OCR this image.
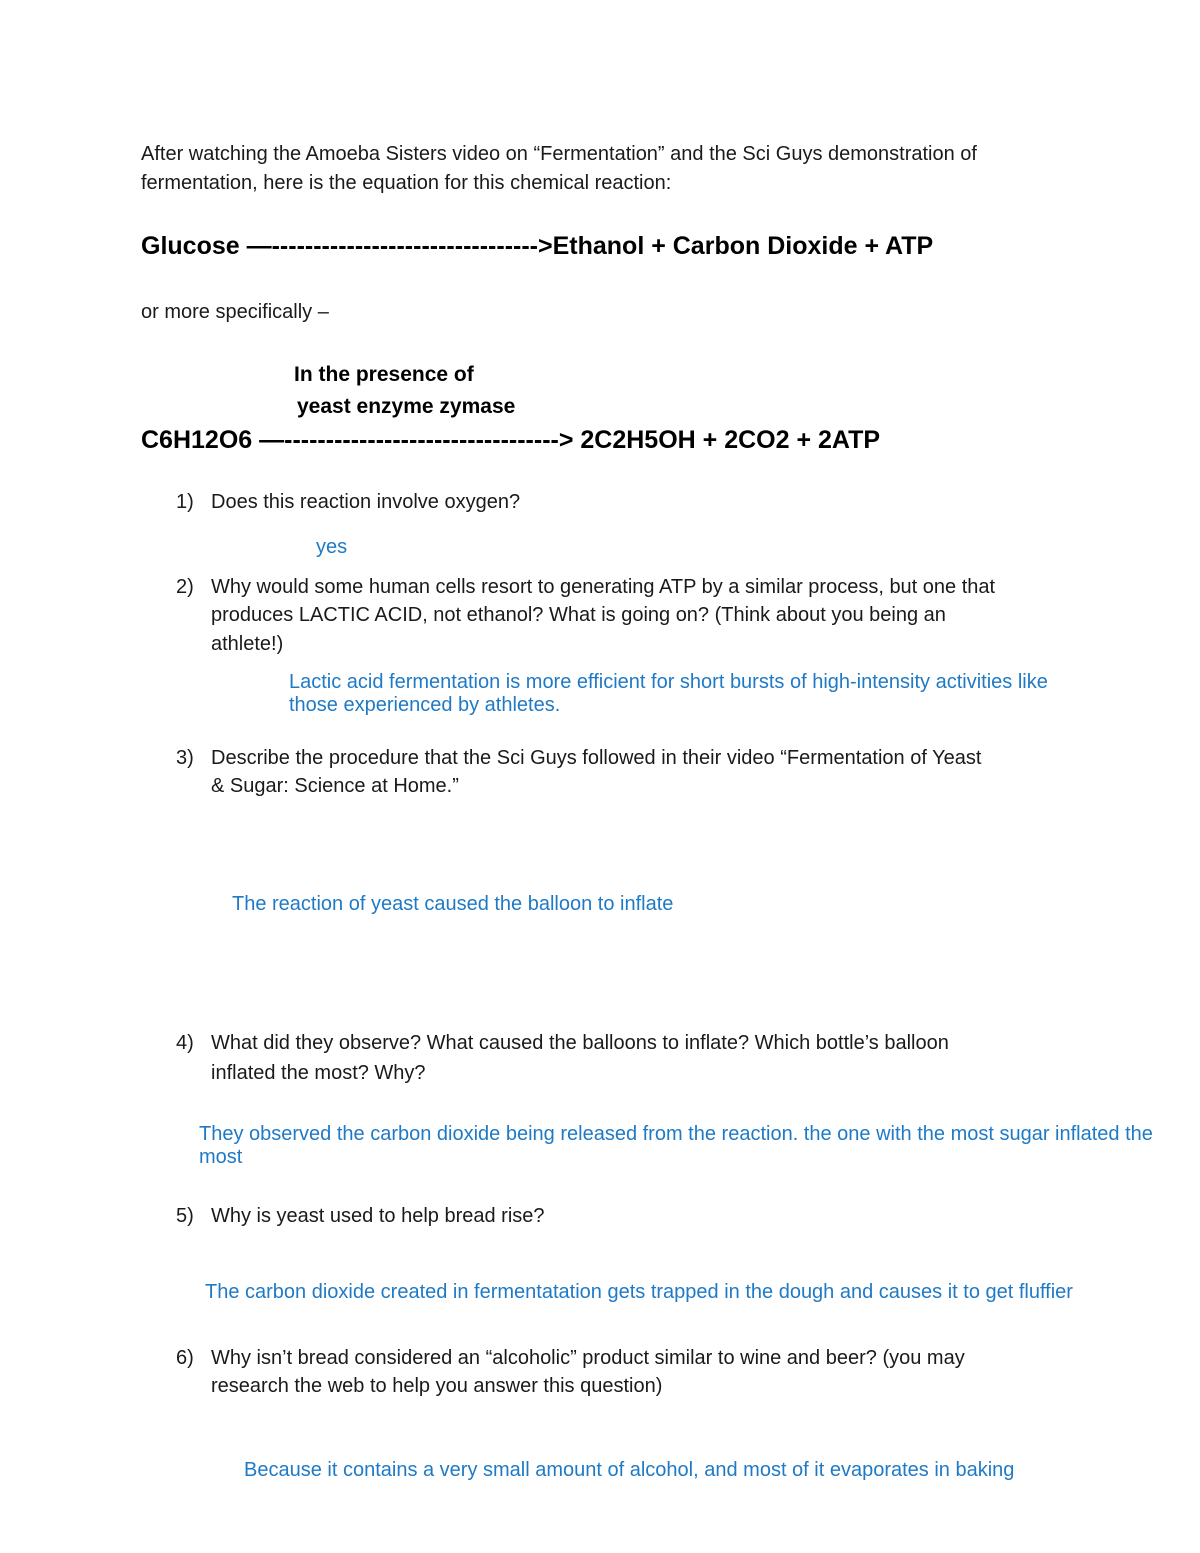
After watching the Amoeba Sisters video on “Fermentation” and the Sci Guys demonstration of
fermentation, here is the equation for this chemical reaction:
Glucose —-------------------------------->Ethanol + Carbon Dioxide + ATP
or more specifically –
In the presence of
yeast enzyme zymase
C6H12O6 —---------------------------------> 2C2H5OH + 2CO2 + 2ATP
1) Does this reaction involve oxygen?
yes
2) Why would some human cells resort to generating ATP by a similar process, but one that
produces LACTIC ACID, not ethanol? What is going on? (Think about you being an
athlete!)
Lactic acid fermentation is more efficient for short bursts of high-intensity activities like
those experienced by athletes.
3) Describe the procedure that the Sci Guys followed in their video “Fermentation of Yeast
& Sugar: Science at Home.”
The reaction of yeast caused the balloon to inflate
4) What did they observe? What caused the balloons to inflate? Which bottle’s balloon
inflated the most? Why?
They observed the carbon dioxide being released from the reaction. the one with the most sugar inflated the
most
5) Why is yeast used to help bread rise?
The carbon dioxide created in fermentatation gets trapped in the dough and causes it to get fluffier
6) Why isn’t bread considered an “alcoholic” product similar to wine and beer? (you may
research the web to help you answer this question)
Because it contains a very small amount of alcohol, and most of it evaporates in baking
